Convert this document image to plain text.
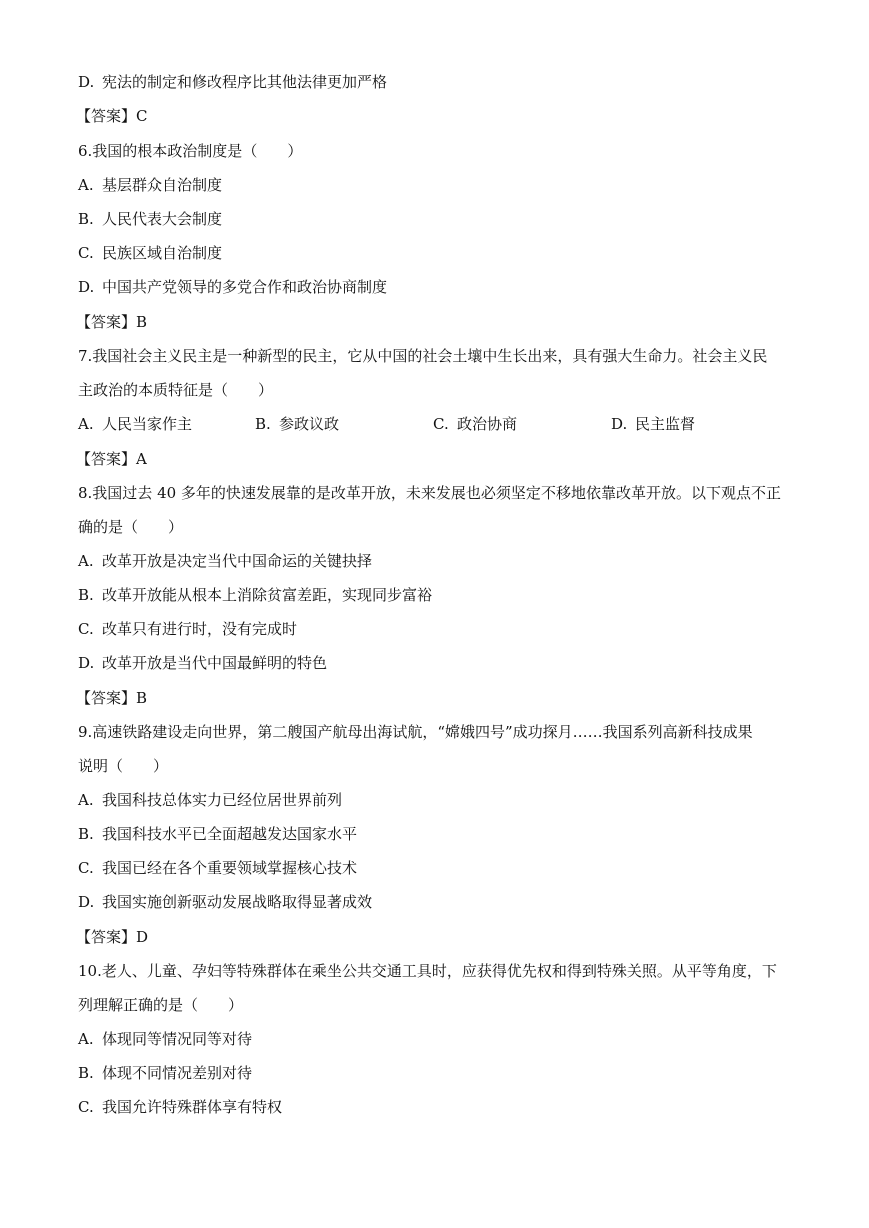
D. 宪法的制定和修改程序比其他法律更加严格
【答案】C
6.我国的根本政治制度是（　　）
A. 基层群众自治制度
B. 人民代表大会制度
C. 民族区域自治制度
D. 中国共产党领导的多党合作和政治协商制度
【答案】B
7.我国社会主义民主是一种新型的民主，它从中国的社会土壤中生长出来，具有强大生命力。社会主义民
主政治的本质特征是（　　）
A. 人民当家作主	B. 参政议政	C. 政治协商	D. 民主监督
【答案】A
8.我国过去 40 多年的快速发展靠的是改革开放，未来发展也必须坚定不移地依靠改革开放。以下观点不正
确的是（　　）
A. 改革开放是决定当代中国命运的关键抉择
B. 改革开放能从根本上消除贫富差距，实现同步富裕
C. 改革只有进行时，没有完成时
D. 改革开放是当代中国最鲜明的特色
【答案】B
9.高速铁路建设走向世界，第二艘国产航母出海试航，“嫦娥四号”成功探月……我国系列高新科技成果
说明（　　）
A. 我国科技总体实力已经位居世界前列
B. 我国科技水平已全面超越发达国家水平
C. 我国已经在各个重要领域掌握核心技术
D. 我国实施创新驱动发展战略取得显著成效
【答案】D
10.老人、儿童、孕妇等特殊群体在乘坐公共交通工具时，应获得优先权和得到特殊关照。从平等角度，下
列理解正确的是（　　）
A. 体现同等情况同等对待
B. 体现不同情况差别对待
C. 我国允许特殊群体享有特权
